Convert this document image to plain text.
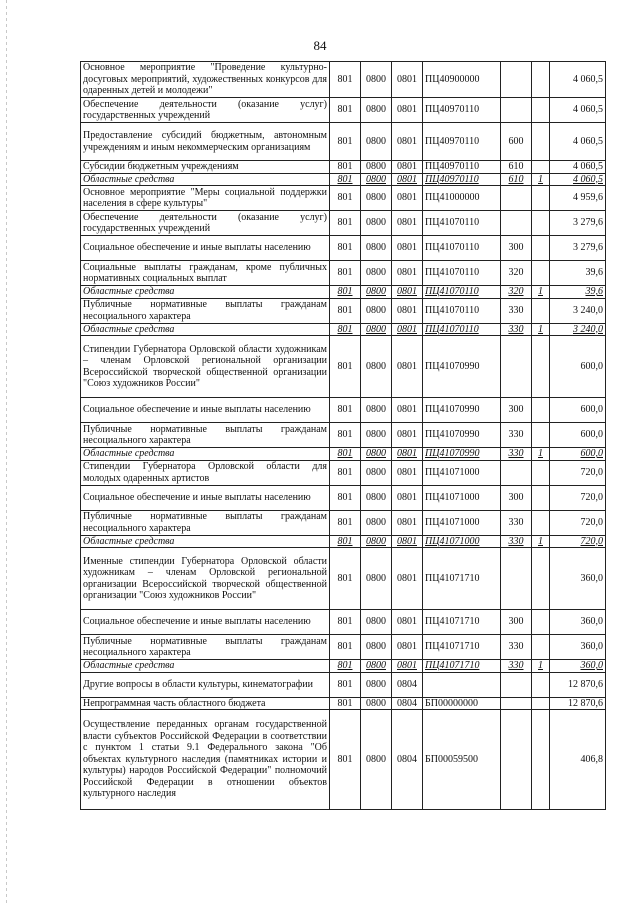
84
Основное мероприятие "Проведение культурно-досуговых мероприятий, художественных конкурсов для одаренных детей и молодежи"	801	0800	0801	ПЦ40900000			4 060,5
Обеспечение деятельности (оказание услуг) государственных учреждений	801	0800	0801	ПЦ40970110			4 060,5
Предоставление субсидий бюджетным, автономным учреждениям и иным некоммерческим организациям	801	0800	0801	ПЦ40970110	600		4 060,5
Субсидии бюджетным учреждениям	801	0800	0801	ПЦ40970110	610		4 060,5
Областные средства	801	0800	0801	ПЦ40970110	610	1	4 060,5
Основное мероприятие "Меры социальной поддержки населения в сфере культуры"	801	0800	0801	ПЦ41000000			4 959,6
Обеспечение деятельности (оказание услуг) государственных учреждений	801	0800	0801	ПЦ41070110			3 279,6
Социальное обеспечение и иные выплаты населению	801	0800	0801	ПЦ41070110	300		3 279,6
Социальные выплаты гражданам, кроме публичных нормативных социальных выплат	801	0800	0801	ПЦ41070110	320		39,6
Областные средства	801	0800	0801	ПЦ41070110	320	1	39,6
Публичные нормативные выплаты гражданам несоциального характера	801	0800	0801	ПЦ41070110	330		3 240,0
Областные средства	801	0800	0801	ПЦ41070110	330	1	3 240,0
Стипендии Губернатора Орловской области художникам – членам Орловской региональной организации Всероссийской творческой общественной организации "Союз художников России"	801	0800	0801	ПЦ41070990			600,0
Социальное обеспечение и иные выплаты населению	801	0800	0801	ПЦ41070990	300		600,0
Публичные нормативные выплаты гражданам несоциального характера	801	0800	0801	ПЦ41070990	330		600,0
Областные средства	801	0800	0801	ПЦ41070990	330	1	600,0
Стипендии Губернатора Орловской области для молодых одаренных артистов	801	0800	0801	ПЦ41071000			720,0
Социальное обеспечение и иные выплаты населению	801	0800	0801	ПЦ41071000	300		720,0
Публичные нормативные выплаты гражданам несоциального характера	801	0800	0801	ПЦ41071000	330		720,0
Областные средства	801	0800	0801	ПЦ41071000	330	1	720,0
Именные стипендии Губернатора Орловской области художникам – членам Орловской региональной организации Всероссийской творческой общественной организации "Союз художников России"	801	0800	0801	ПЦ41071710			360,0
Социальное обеспечение и иные выплаты населению	801	0800	0801	ПЦ41071710	300		360,0
Публичные нормативные выплаты гражданам несоциального характера	801	0800	0801	ПЦ41071710	330		360,0
Областные средства	801	0800	0801	ПЦ41071710	330	1	360,0
Другие вопросы в области культуры, кинематографии	801	0800	0804				12 870,6
Непрограммная часть областного бюджета	801	0800	0804	БП00000000			12 870,6
Осуществление переданных органам государственной власти субъектов Российской Федерации в соответствии с пунктом 1 статьи 9.1 Федерального закона "Об объектах культурного наследия (памятниках истории и культуры) народов Российской Федерации" полномочий Российской Федерации в отношении объектов культурного наследия	801	0800	0804	БП00059500			406,8
